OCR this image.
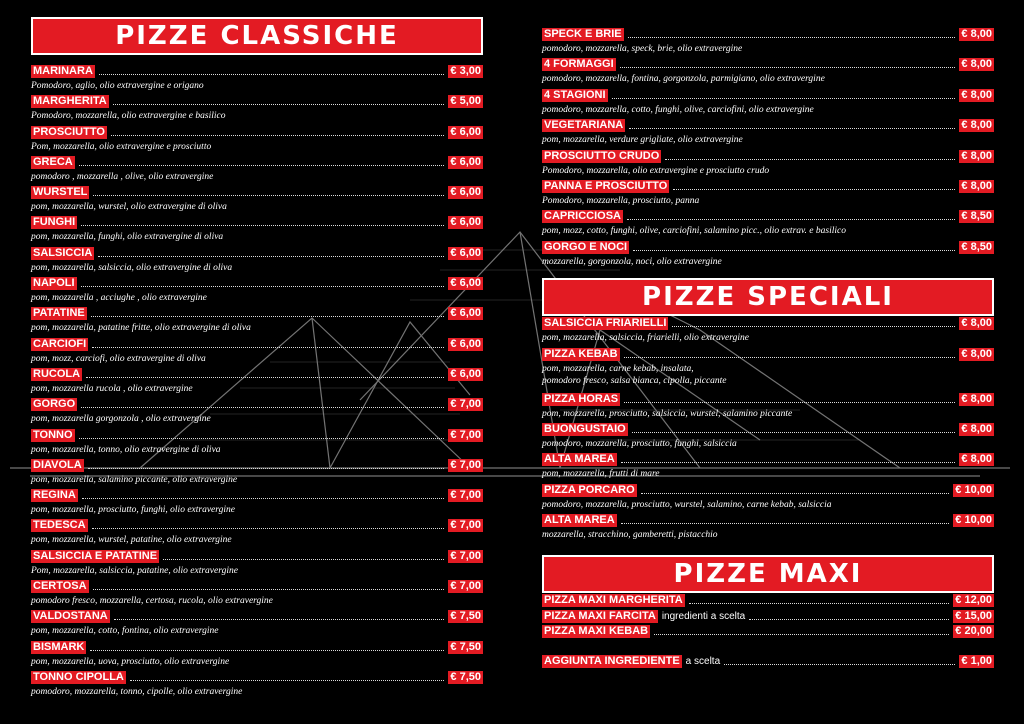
PIZZE CLASSICHE
MARINARA	€ 3,00
Pomodoro, aglio, olio extravergine e origano
MARGHERITA	€ 5,00
Pomodoro, mozzarella, olio extravergine e basilico
PROSCIUTTO	€ 6,00
Pom, mozzarella, olio extravergine e prosciutto
GRECA	€ 6,00
pomodoro , mozzarella , olive, olio extravergine
WURSTEL	€ 6,00
pom, mozzarella, wurstel, olio extravergine di oliva
FUNGHI	€ 6,00
pom, mozzarella, funghi, olio extravergine di oliva
SALSICCIA	€ 6,00
pom, mozzarella, salsiccia, olio extravergine di oliva
NAPOLI	€ 6,00
pom, mozzarella , acciughe , olio extravergine
PATATINE	€ 6,00
pom, mozzarella, patatine fritte, olio extravergine di oliva
CARCIOFI	€ 6,00
pom, mozz, carciofi, olio extravergine di oliva
RUCOLA	€ 6,00
pom, mozzarella rucola , olio extravergine
GORGO	€ 7,00
pom, mozzarella gorgonzola , olio extravergine
TONNO	€ 7,00
pom, mozzarella, tonno, olio extravergine di oliva
DIAVOLA	€ 7,00
pom, mozzarella, salamino piccante, olio extravergine
REGINA	€ 7,00
pom, mozzarella, prosciutto, funghi, olio extravergine
TEDESCA	€ 7,00
pom, mozzarella, wurstel, patatine, olio extravergine
SALSICCIA E PATATINE	€ 7,00
Pom, mozzarella, salsiccia, patatine, olio extravergine
CERTOSA	€ 7,00
pomodoro fresco, mozzarella, certosa, rucola, olio extravergine
VALDOSTANA	€ 7,50
pom, mozzarella, cotto, fontina, olio extravergine
BISMARK	€ 7,50
pom, mozzarella, uova, prosciutto, olio extravergine
TONNO CIPOLLA	€ 7,50
pomodoro, mozzarella, tonno, cipolle, olio extravergine
SPECK E BRIE	€ 8,00
pomodoro, mozzarella, speck, brie, olio extravergine
4 FORMAGGI	€ 8,00
pomodoro, mozzarella, fontina, gorgonzola, parmigiano, olio extravergine
4 STAGIONI	€ 8,00
pomodoro, mozzarella, cotto, funghi, olive, carciofini, olio extravergine
VEGETARIANA	€ 8,00
pom, mozzarella, verdure grigliate, olio extravergine
PROSCIUTTO CRUDO	€ 8,00
Pomodoro, mozzarella, olio extravergine e prosciutto crudo
PANNA E PROSCIUTTO	€ 8,00
Pomodoro, mozzarella, prosciutto, panna
CAPRICCIOSA	€ 8,50
pom, mozz, cotto, funghi, olive, carciofini, salamino picc., olio extrav. e basilico
GORGO E NOCI	€ 8,50
mozzarella, gorgonzola, noci, olio extravergine
PIZZE SPECIALI
SALSICCIA FRIARIELLI	€ 8,00
pom, mozzarella, salsiccia, friarielli, olio extravergine
PIZZA KEBAB	€ 8,00
pom, mozzarella, carne kebab, insalata,
pomodoro fresco, salsa bianca, cipolla, piccante
PIZZA HORAS	€ 8,00
pom, mozzarella, prosciutto, salsiccia, wurstel, salamino piccante
BUONGUSTAIO	€ 8,00
pomodoro, mozzarella, prosciutto, funghi, salsiccia
ALTA MAREA	€ 8,00
pom, mozzarella, frutti di mare
PIZZA PORCARO	€ 10,00
pomodoro, mozzarella, prosciutto, wurstel, salamino, carne kebab, salsiccia
ALTA MAREA	€ 10,00
mozzarella, stracchino, gamberetti, pistacchio
PIZZE MAXI
PIZZA MAXI MARGHERITA	€ 12,00
PIZZA MAXI FARCITA ingredienti a scelta	€ 15,00
PIZZA MAXI KEBAB	€ 20,00
AGGIUNTA INGREDIENTE a scelta	€ 1,00
